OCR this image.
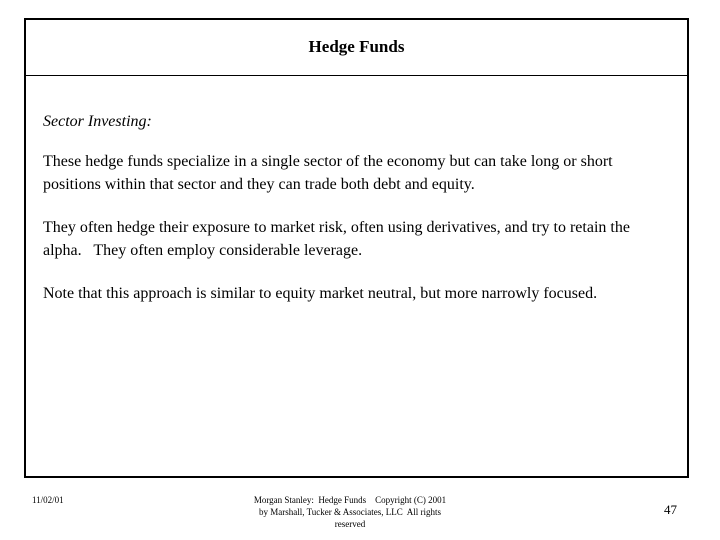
Hedge Funds

Sector Investing:

These hedge funds specialize in a single sector of the economy but can take long or short positions within that sector and they can trade both debt and equity.

They often hedge their exposure to market risk, often using derivatives, and try to retain the alpha.   They often employ considerable leverage.

Note that this approach is similar to equity market neutral, but more narrowly focused.

11/02/01	Morgan Stanley:  Hedge Funds    Copyright (C) 2001
by Marshall, Tucker & Associates, LLC  All rights
reserved
47
